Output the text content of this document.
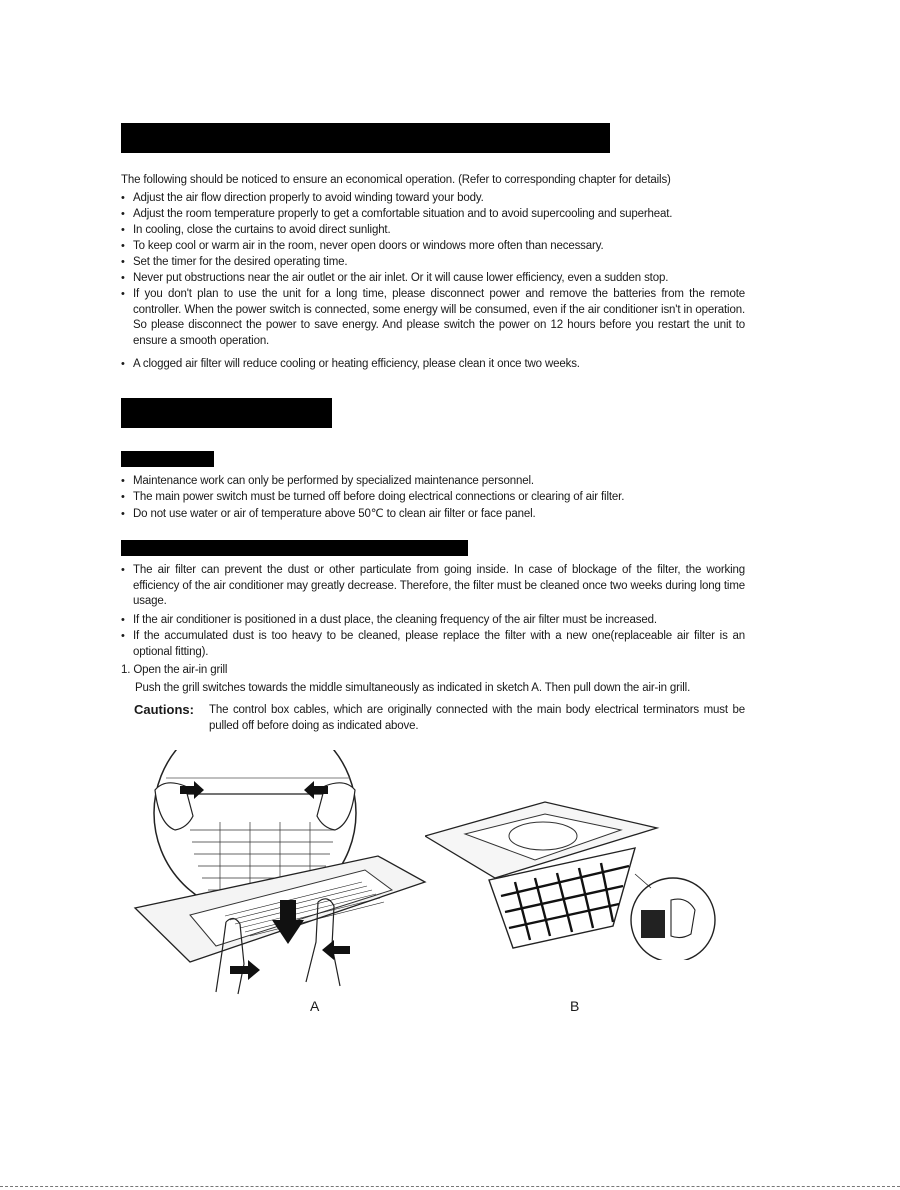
The following should be noticed to ensure an economical operation. (Refer to corresponding chapter for details)
• Adjust the air flow direction properly to avoid winding toward your body.
• Adjust the room temperature properly to get a comfortable situation and to avoid supercooling and superheat.
• In cooling, close the curtains to avoid direct sunlight.
• To keep cool or warm air in the room, never open doors or windows more often than necessary.
• Set the timer for the desired operating time.
• Never put obstructions near the air outlet or the air inlet. Or it will cause lower efficiency, even a sudden stop.
• If you don't plan to use the unit for a long time, please disconnect power and remove the batteries from the remote controller. When the power switch is connected, some energy will be consumed, even if the air conditioner isn't in operation. So please disconnect the power to save energy. And please switch the power on 12 hours before you restart the unit to ensure a smooth operation.
• A clogged air filter will reduce cooling or heating efficiency, please clean it once two weeks.
• Maintenance work can only be performed by specialized maintenance personnel.
• The main power switch must be turned off before doing electrical connections or clearing of air filter.
• Do not use water or air of temperature above 50℃ to clean air filter or face panel.
• The air filter can prevent the dust or other particulate from going inside. In case of blockage of the filter, the working efficiency of the air conditioner may greatly decrease. Therefore, the filter must be cleaned once two weeks during long time usage.
• If the air conditioner is positioned in a dust place, the cleaning frequency of the air filter must be increased.
• If the accumulated dust is too heavy to be cleaned, please replace the filter with a new one(replaceable air filter is an optional fitting).
1. Open the air-in grill
Push the grill switches towards the middle simultaneously as indicated in sketch A. Then pull down the air-in grill.
Cautions: The control box cables, which are originally connected with the main body electrical terminators must be pulled off before doing as indicated above.
A	B
